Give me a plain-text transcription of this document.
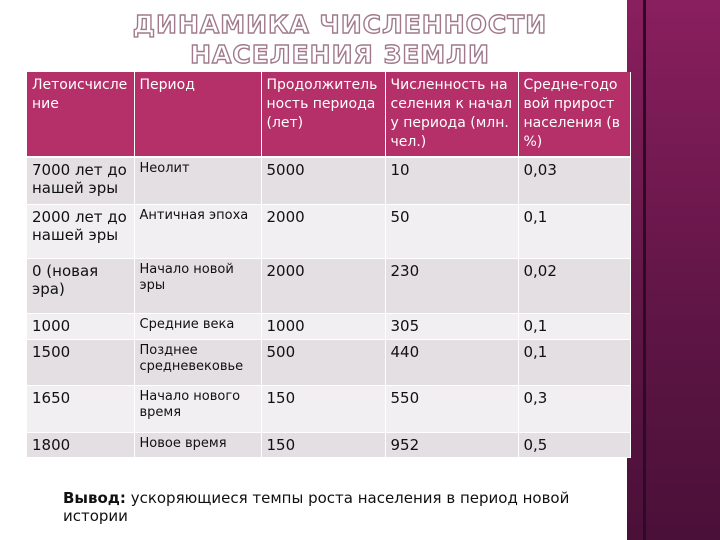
ДИНАМИКА ЧИСЛЕННОСТИ НАСЕЛЕНИЯ ЗЕМЛИ
Летоисчисление	Период	Продолжительность периода (лет)	Численность населения к началу периода (млн.чел.)	Средне-годовой прирост населения (в %)
7000 лет до нашей эры	Неолит	5000	10	0,03
2000 лет до нашей эры	Античная эпоха	2000	50	0,1
0 (новая эра)	Начало новой эры	2000	230	0,02
1000	Средние века	1000	305	0,1
1500	Позднее средневековье	500	440	0,1
1650	Начало нового время	150	550	0,3
1800	Новое время	150	952	0,5
Вывод: ускоряющиеся темпы роста населения в период новой истории
